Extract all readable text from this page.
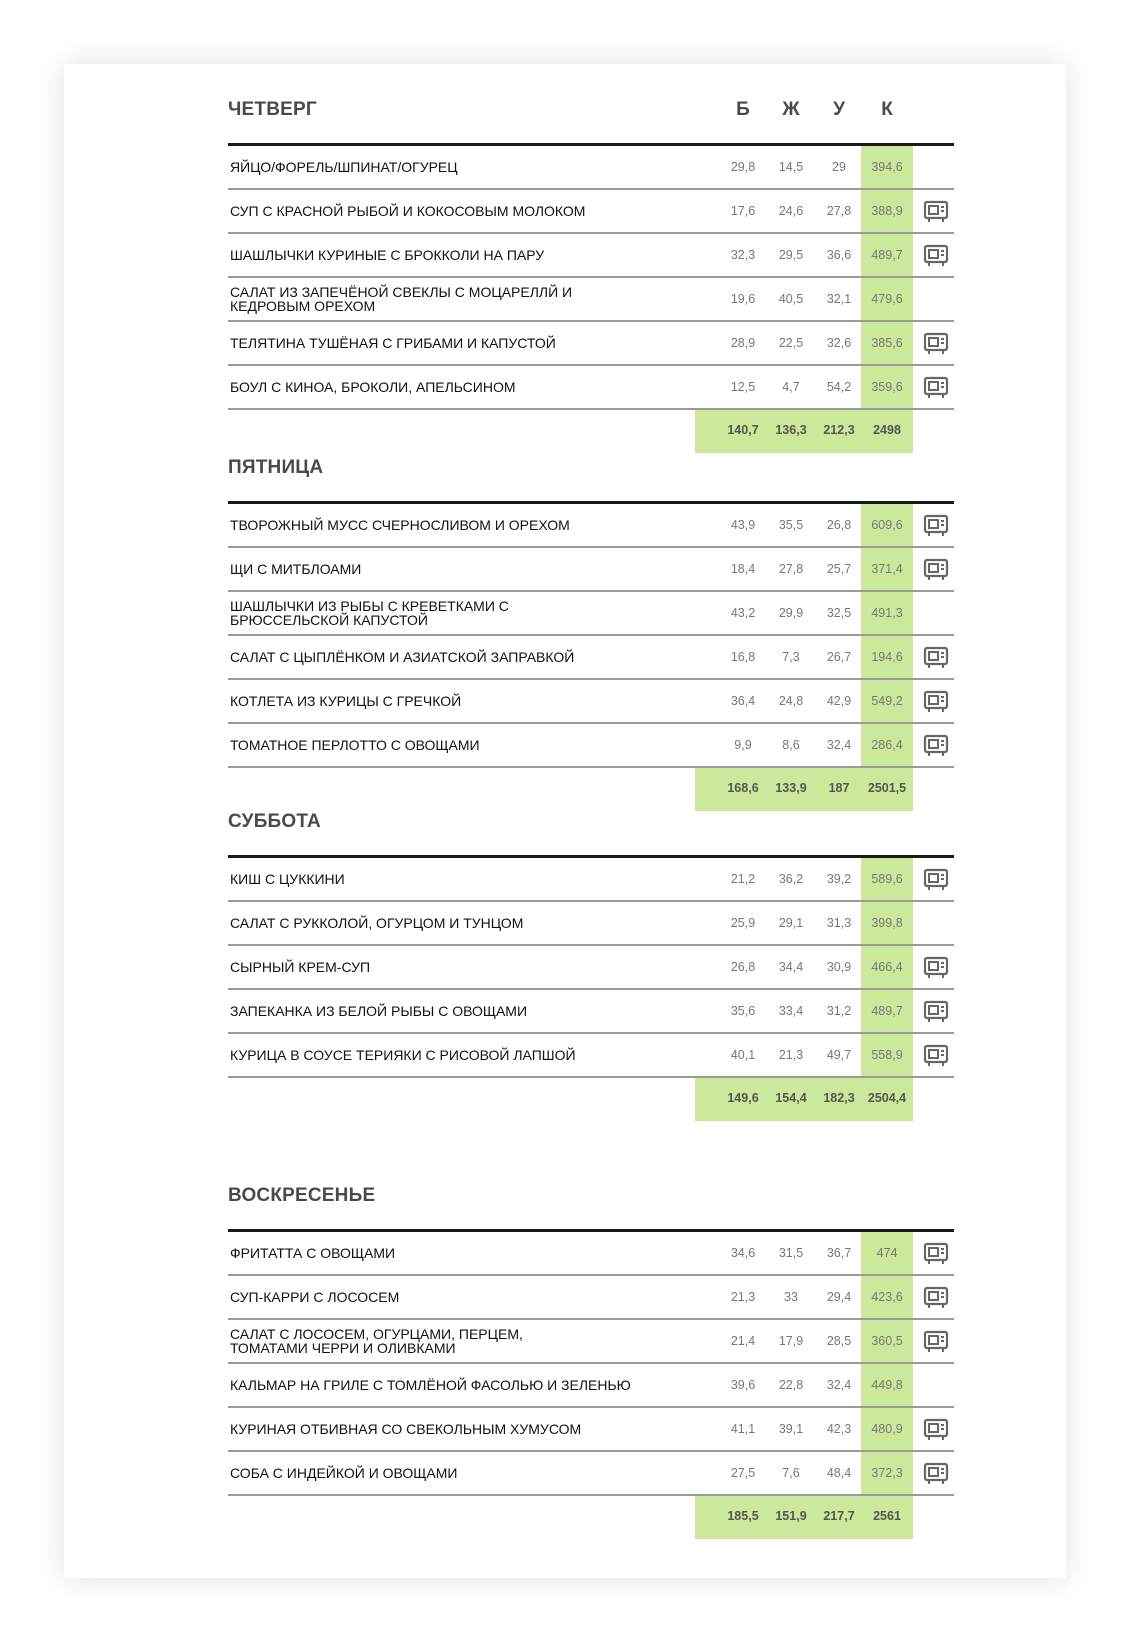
ЧЕТВЕРГ	Б	Ж	У	К
ЯЙЦО/ФОРЕЛЬ/ШПИНАТ/ОГУРЕЦ	29,8	14,5	29	394,6
СУП С КРАСНОЙ РЫБОЙ И КОКОСОВЫМ МОЛОКОМ	17,6	24,6	27,8	388,9
ШАШЛЫЧКИ КУРИНЫЕ С БРОККОЛИ НА ПАРУ	32,3	29,5	36,6	489,7
САЛАТ ИЗ ЗАПЕЧЁНОЙ СВЕКЛЫ С МОЦАРЕЛЛЙ И КЕДРОВЫМ ОРЕХОМ	19,6	40,5	32,1	479,6
ТЕЛЯТИНА ТУШЁНАЯ С ГРИБАМИ И КАПУСТОЙ	28,9	22,5	32,6	385,6
БОУЛ С КИНОА, БРОКОЛИ, АПЕЛЬСИНОМ	12,5	4,7	54,2	359,6
140,7	136,3	212,3	2498
ПЯТНИЦА
ТВОРОЖНЫЙ МУСС СЧЕРНОСЛИВОМ И ОРЕХОМ	43,9	35,5	26,8	609,6
ЩИ С МИТБЛОАМИ	18,4	27,8	25,7	371,4
ШАШЛЫЧКИ ИЗ РЫБЫ С КРЕВЕТКАМИ С БРЮССЕЛЬСКОЙ КАПУСТОЙ	43,2	29,9	32,5	491,3
САЛАТ С ЦЫПЛЁНКОМ И АЗИАТСКОЙ ЗАПРАВКОЙ	16,8	7,3	26,7	194,6
КОТЛЕТА ИЗ КУРИЦЫ С ГРЕЧКОЙ	36,4	24,8	42,9	549,2
ТОМАТНОЕ ПЕРЛОТТО С ОВОЩАМИ	9,9	8,6	32,4	286,4
168,6	133,9	187	2501,5
СУББОТА
КИШ С ЦУККИНИ	21,2	36,2	39,2	589,6
САЛАТ С РУККОЛОЙ, ОГУРЦОМ И ТУНЦОМ	25,9	29,1	31,3	399,8
СЫРНЫЙ КРЕМ-СУП	26,8	34,4	30,9	466,4
ЗАПЕКАНКА ИЗ БЕЛОЙ РЫБЫ С ОВОЩАМИ	35,6	33,4	31,2	489,7
КУРИЦА В СОУСЕ ТЕРИЯКИ С РИСОВОЙ ЛАПШОЙ	40,1	21,3	49,7	558,9
149,6	154,4	182,3	2504,4
ВОСКРЕСЕНЬЕ
ФРИТАТТА С ОВОЩАМИ	34,6	31,5	36,7	474
СУП-КАРРИ С ЛОСОСЕМ	21,3	33	29,4	423,6
САЛАТ С ЛОСОСЕМ, ОГУРЦАМИ, ПЕРЦЕМ, ТОМАТАМИ ЧЕРРИ И ОЛИВКАМИ	21,4	17,9	28,5	360,5
КАЛЬМАР НА ГРИЛЕ С ТОМЛЁНОЙ ФАСОЛЬЮ И ЗЕЛЕНЬЮ	39,6	22,8	32,4	449,8
КУРИНАЯ ОТБИВНАЯ СО СВЕКОЛЬНЫМ ХУМУСОМ	41,1	39,1	42,3	480,9
СОБА С ИНДЕЙКОЙ И ОВОЩАМИ	27,5	7,6	48,4	372,3
185,5	151,9	217,7	2561
